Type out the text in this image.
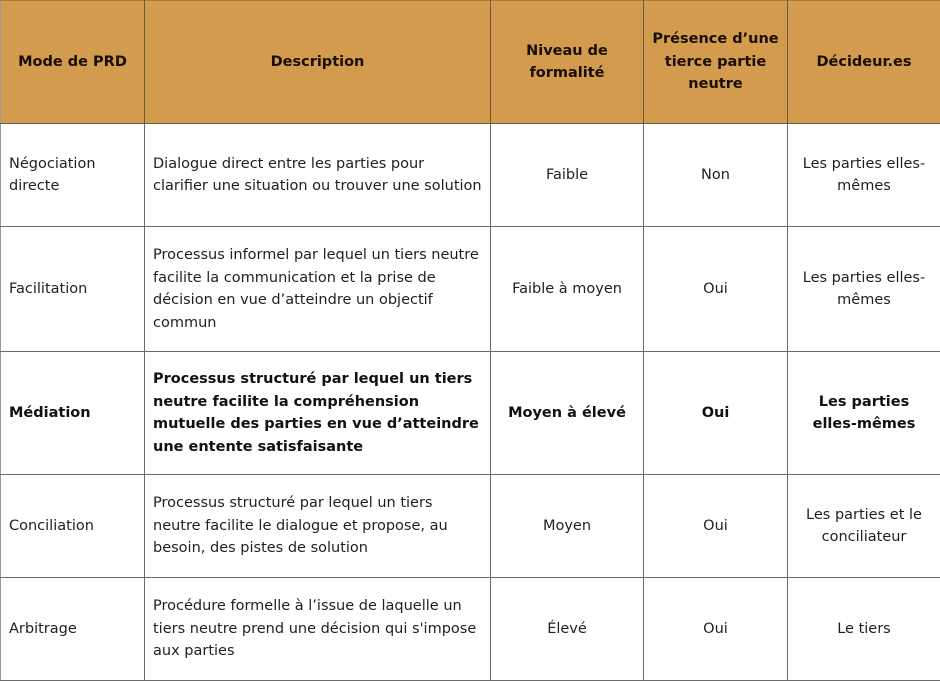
Mode de PRD	Description	Niveau de formalité	Présence d’une tierce partie neutre	Décideur.es
Négociation directe	Dialogue direct entre les parties pour clarifier une situation ou trouver une solution	Faible	Non	Les parties elles-mêmes
Facilitation	Processus informel par lequel un tiers neutre facilite la communication et la prise de décision en vue d’atteindre un objectif commun	Faible à moyen	Oui	Les parties elles-mêmes
Médiation	Processus structuré par lequel un tiers neutre facilite la compréhension mutuelle des parties en vue d’atteindre une entente satisfaisante	Moyen à élevé	Oui	Les parties elles-mêmes
Conciliation	Processus structuré par lequel un tiers neutre facilite le dialogue et propose, au besoin, des pistes de solution	Moyen	Oui	Les parties et le conciliateur
Arbitrage	Procédure formelle à l’issue de laquelle un tiers neutre prend une décision qui s'impose aux parties	Élevé	Oui	Le tiers
